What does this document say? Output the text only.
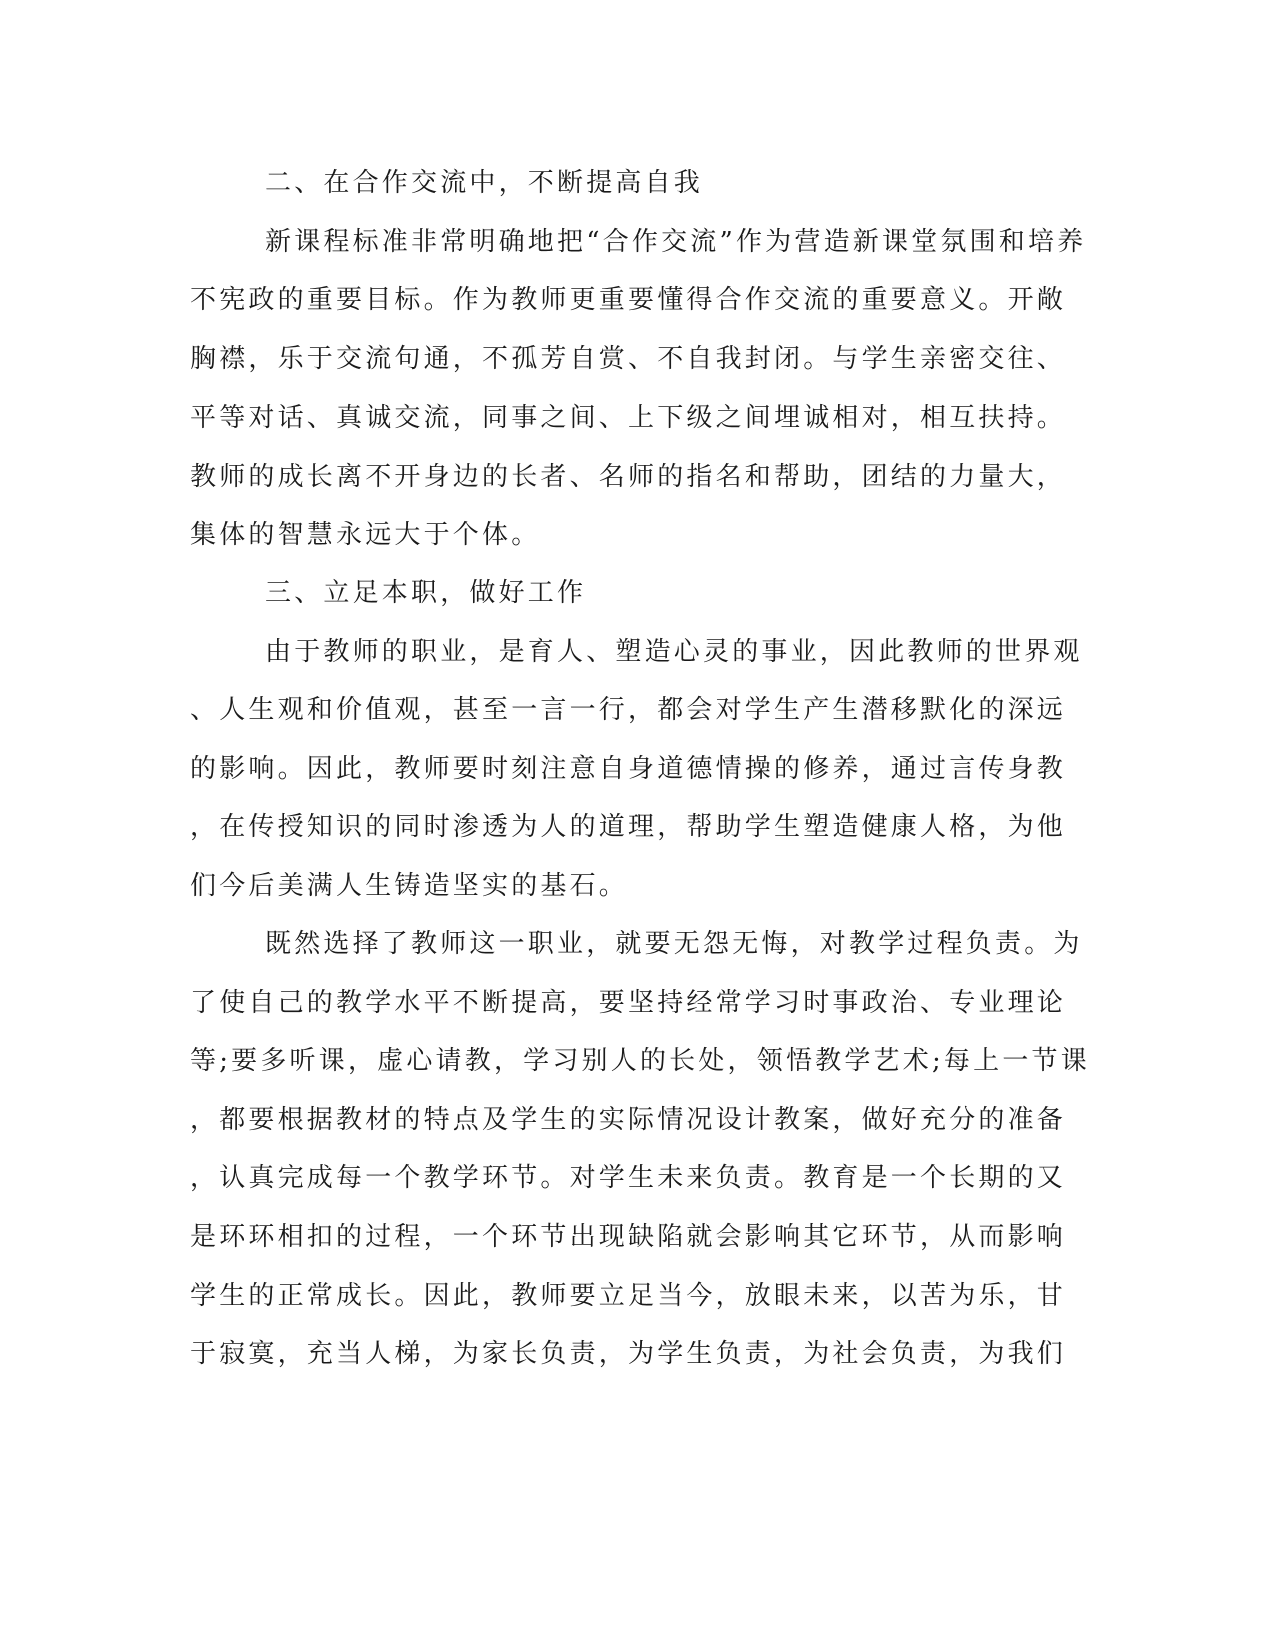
二、在合作交流中，不断提高自我
新课程标准非常明确地把“合作交流”作为营造新课堂氛围和培养
不宪政的重要目标。作为教师更重要懂得合作交流的重要意义。开敞
胸襟，乐于交流句通，不孤芳自赏、不自我封闭。与学生亲密交往、
平等对话、真诚交流，同事之间、上下级之间埋诚相对，相互扶持。
教师的成长离不开身边的长者、名师的指名和帮助，团结的力量大，
集体的智慧永远大于个体。
三、立足本职，做好工作
由于教师的职业，是育人、塑造心灵的事业，因此教师的世界观
、人生观和价值观，甚至一言一行，都会对学生产生潜移默化的深远
的影响。因此，教师要时刻注意自身道德情操的修养，通过言传身教
，在传授知识的同时渗透为人的道理，帮助学生塑造健康人格，为他
们今后美满人生铸造坚实的基石。
既然选择了教师这一职业，就要无怨无悔，对教学过程负责。为
了使自己的教学水平不断提高，要坚持经常学习时事政治、专业理论
等;要多听课，虚心请教，学习别人的长处，领悟教学艺术;每上一节课
，都要根据教材的特点及学生的实际情况设计教案，做好充分的准备
，认真完成每一个教学环节。对学生未来负责。教育是一个长期的又
是环环相扣的过程，一个环节出现缺陷就会影响其它环节，从而影响
学生的正常成长。因此，教师要立足当今，放眼未来，以苦为乐，甘
于寂寞，充当人梯，为家长负责，为学生负责，为社会负责，为我们
